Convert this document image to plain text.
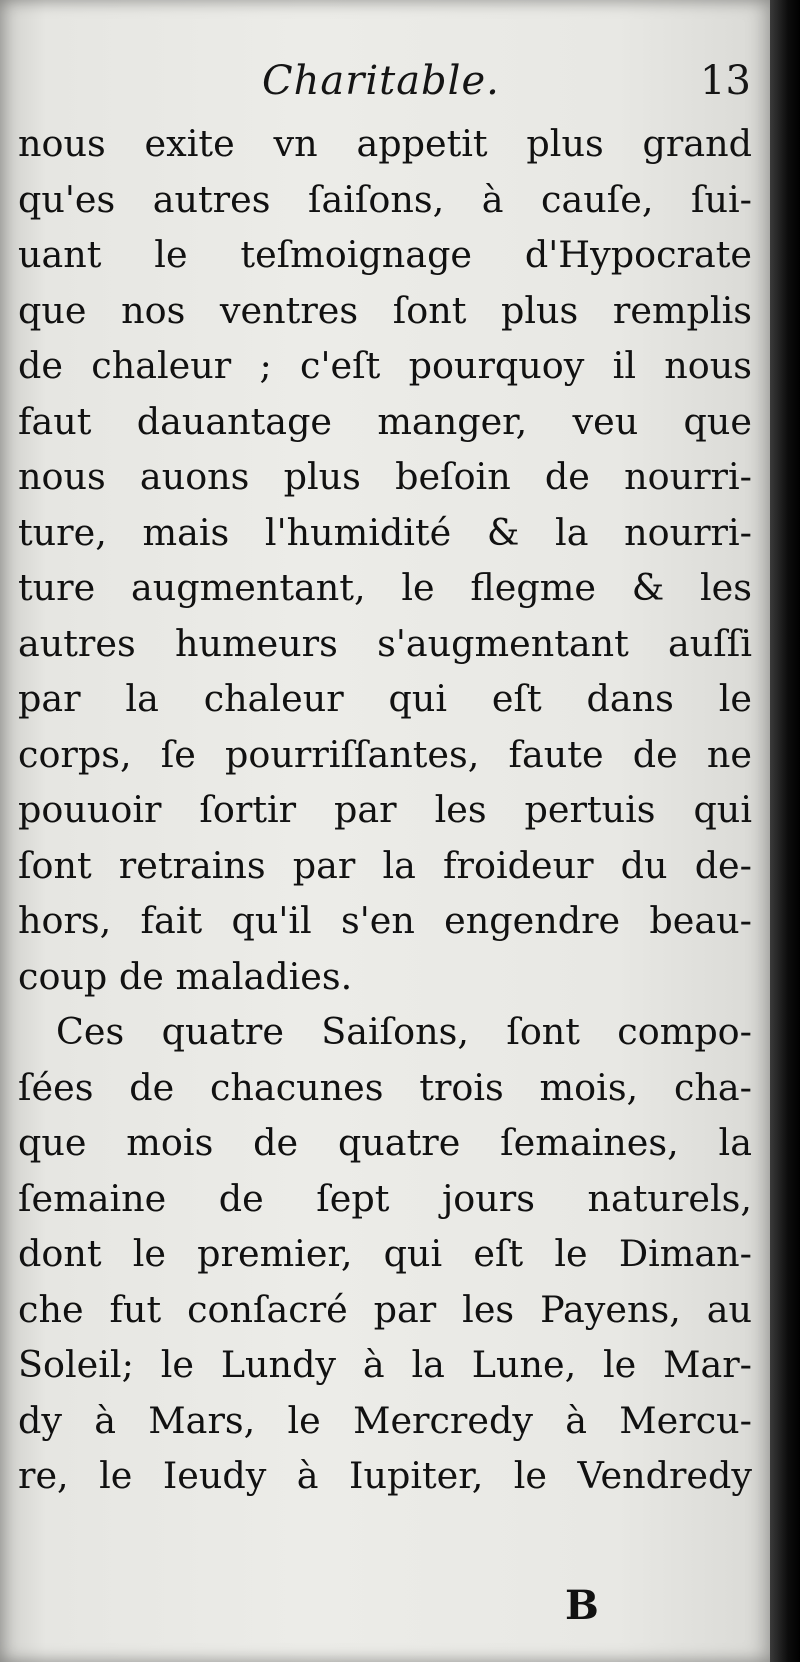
Charitable.	13
nous exite vn appetit plus grand
qu'es autres ſaiſons, à cauſe, ſui-
uant le teſmoignage d'Hypocrate
que nos ventres ſont plus remplis
de chaleur ; c'eſt pourquoy il nous
faut dauantage manger, veu que
nous auons plus beſoin de nourri-
ture, mais l'humidité & la nourri-
ture augmentant, le flegme & les
autres humeurs s'augmentant auſſi
par la chaleur qui eſt dans le
corps, ſe pourriſſantes, faute de ne
pouuoir ſortir par les pertuis qui
ſont retrains par la froideur du de-
hors, fait qu'il s'en engendre beau-
coup de maladies.
Ces quatre Saiſons, ſont compo-
ſées de chacunes trois mois, cha-
que mois de quatre ſemaines, la
ſemaine de ſept jours naturels,
dont le premier, qui eſt le Diman-
che fut conſacré par les Payens, au
Soleil; le Lundy à la Lune, le Mar-
dy à Mars, le Mercredy à Mercu-
re, le Ieudy à Iupiter, le Vendredy
B
